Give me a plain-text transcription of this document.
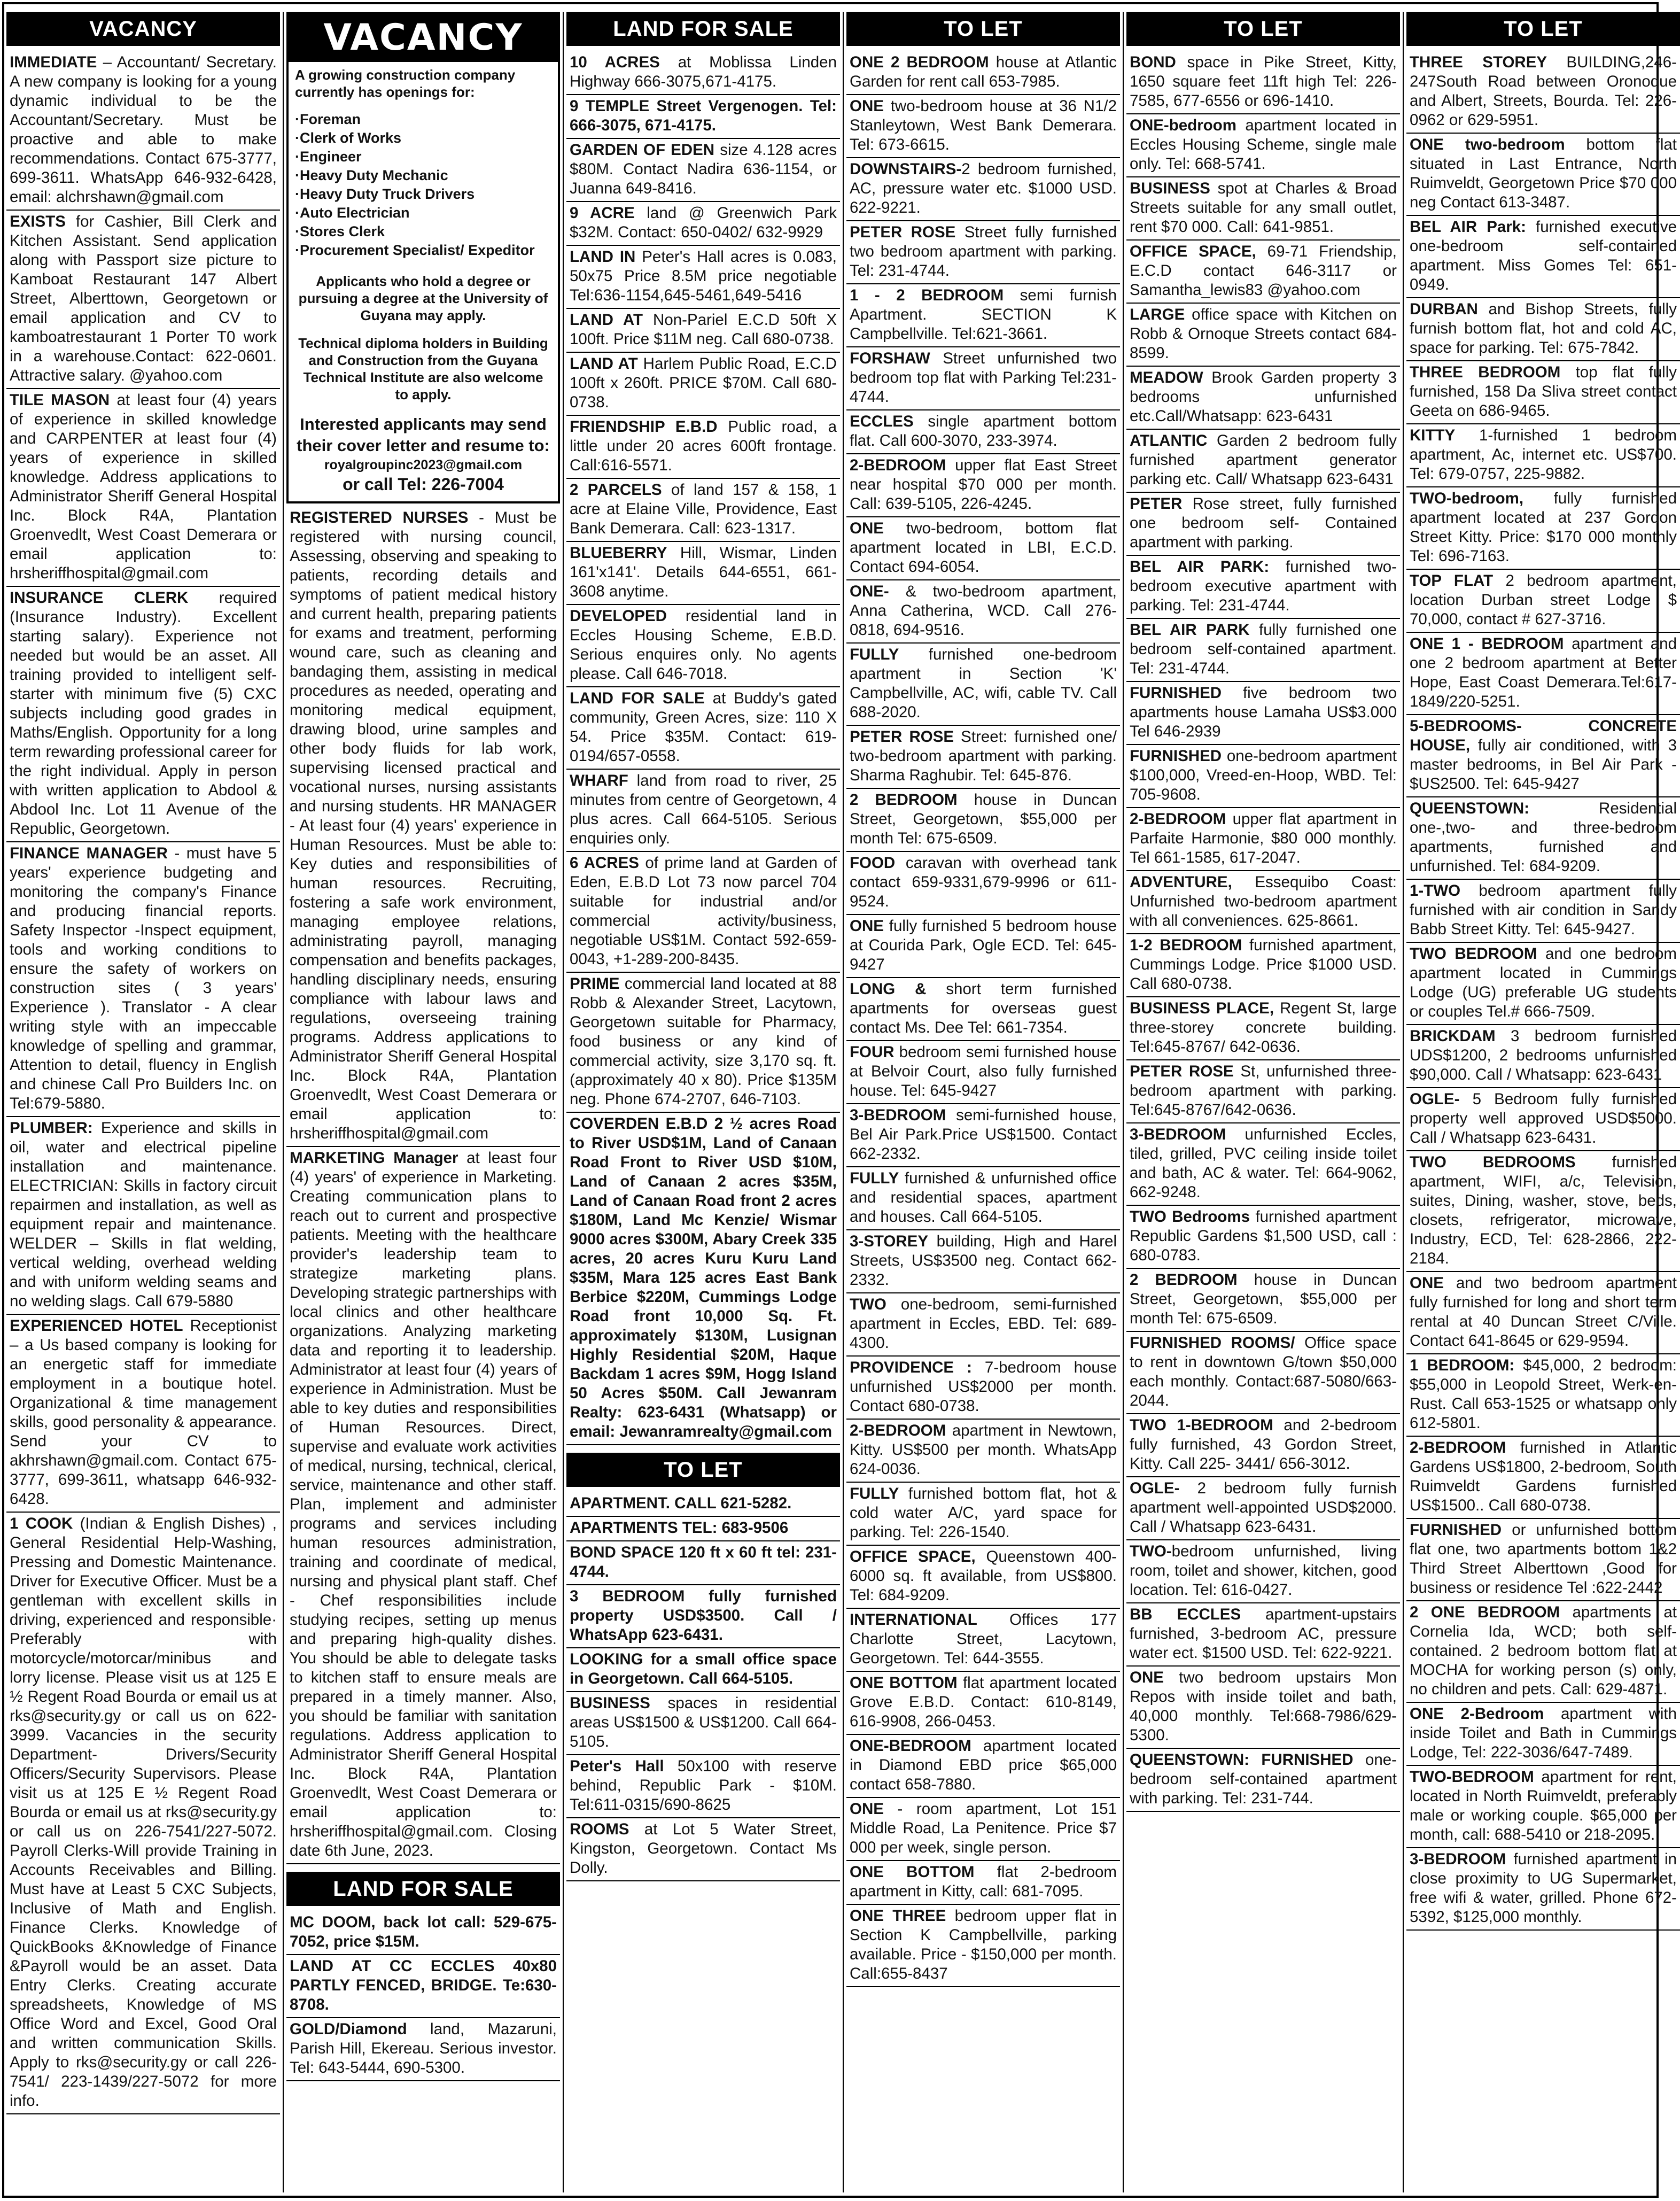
VACANCY
IMMEDIATE – Accountant/ Secretary. A new company is looking for a young dynamic individual to be the Accountant/Secretary. Must be proactive and able to make recommendations. Contact 675-3777, 699-3611. WhatsApp 646-932-6428, email: alchrshawn@gmail.com
EXISTS for Cashier, Bill Clerk and Kitchen Assistant. Send application along with Passport size picture to Kamboat Restaurant 147 Albert Street, Alberttown, Georgetown or email application and CV to kamboatrestaurant 1 Porter T0 work in a warehouse.Contact: 622-0601. Attractive salary. @yahoo.com
TILE MASON at least four (4) years of experience in skilled knowledge and CARPENTER at least four (4) years of experience in skilled knowledge. Address applications to Administrator Sheriff General Hospital Inc. Block R4A, Plantation Groenvedlt, West Coast Demerara or email application to: hrsheriffhospital@gmail.com
INSURANCE CLERK required (Insurance Industry). Excellent starting salary). Experience not needed but would be an asset. All training provided to intelligent self-starter with minimum five (5) CXC subjects including good grades in Maths/English. Opportunity for a long term rewarding professional career for the right individual. Apply in person with written application to Abdool & Abdool Inc. Lot 11 Avenue of the Republic, Georgetown.
FINANCE MANAGER - must have 5 years' experience budgeting and monitoring the company's Finance and producing financial reports. Safety Inspector -Inspect equipment, tools and working conditions to ensure the safety of workers on construction sites ( 3 years' Experience ). Translator - A clear writing style with an impeccable knowledge of spelling and grammar, Attention to detail, fluency in English and chinese Call Pro Builders Inc. on Tel:679-5880.
PLUMBER: Experience and skills in oil, water and electrical pipeline installation and maintenance. ELECTRICIAN: Skills in factory circuit repairmen and installation, as well as equipment repair and maintenance. WELDER – Skills in flat welding, vertical welding, overhead welding and with uniform welding seams and no welding slags. Call 679-5880
EXPERIENCED HOTEL Receptionist – a Us based company is looking for an energetic staff for immediate employment in a boutique hotel. Organizational & time management skills, good personality & appearance. Send your CV to akhrshawn@gmail.com. Contact 675-3777, 699-3611, whatsapp 646-932-6428.
1 COOK (Indian & English Dishes) , General Residential Help-Washing, Pressing and Domestic Maintenance. Driver for Executive Officer. Must be a gentleman with excellent skills in driving, experienced and responsible· Preferably with motorcycle/motorcar/minibus and lorry license. Please visit us at 125 E ½ Regent Road Bourda or email us at rks@security.gy or call us on 622-3999. Vacancies in the security Department- Drivers/Security Officers/Security Supervisors. Please visit us at 125 E ½ Regent Road Bourda or email us at rks@security.gy or call us on 226-7541/227-5072. Payroll Clerks-Will provide Training in Accounts Receivables and Billing. Must have at Least 5 CXC Subjects, Inclusive of Math and English. Finance Clerks. Knowledge of QuickBooks &Knowledge of Finance &Payroll would be an asset. Data Entry Clerks. Creating accurate spreadsheets, Knowledge of MS Office Word and Excel, Good Oral and written communication Skills. Apply to rks@security.gy or call 226-7541/ 223-1439/227-5072 for more info.
VACANCY
A growing construction company currently has openings for:
·Foreman
·Clerk of Works
·Engineer
·Heavy Duty Mechanic
·Heavy Duty Truck Drivers
·Auto Electrician
·Stores Clerk
·Procurement Specialist/ Expeditor
Applicants who hold a degree or pursuing a degree at the University of Guyana may apply.
Technical diploma holders in Building and Construction from the Guyana Technical Institute are also welcome to apply.
Interested applicants may send their cover letter and resume to:
royalgroupinc2023@gmail.com
or call Tel: 226-7004
REGISTERED NURSES - Must be registered with nursing council, Assessing, observing and speaking to patients, recording details and symptoms of patient medical history and current health, preparing patients for exams and treatment, performing wound care, such as cleaning and bandaging them, assisting in medical procedures as needed, operating and monitoring medical equipment, drawing blood, urine samples and other body fluids for lab work, supervising licensed practical and vocational nurses, nursing assistants and nursing students. HR MANAGER - At least four (4) years' experience in Human Resources. Must be able to: Key duties and responsibilities of human resources. Recruiting, fostering a safe work environment, managing employee relations, administrating payroll, managing compensation and benefits packages, handling disciplinary needs, ensuring compliance with labour laws and regulations, overseeing training programs. Address applications to Administrator Sheriff General Hospital Inc. Block R4A, Plantation Groenvedlt, West Coast Demerara or email application to: hrsheriffhospital@gmail.com
MARKETING Manager at least four (4) years' of experience in Marketing. Creating communication plans to reach out to current and prospective patients. Meeting with the healthcare provider's leadership team to strategize marketing plans. Developing strategic partnerships with local clinics and other healthcare organizations. Analyzing marketing data and reporting it to leadership. Administrator at least four (4) years of experience in Administration. Must be able to key duties and responsibilities of Human Resources. Direct, supervise and evaluate work activities of medical, nursing, technical, clerical, service, maintenance and other staff. Plan, implement and administer programs and services including human resources administration, training and coordinate of medical, nursing and physical plant staff. Chef - Chef responsibilities include studying recipes, setting up menus and preparing high-quality dishes. You should be able to delegate tasks to kitchen staff to ensure meals are prepared in a timely manner. Also, you should be familiar with sanitation regulations. Address application to Administrator Sheriff General Hospital Inc. Block R4A, Plantation Groenvedlt, West Coast Demerara or email application to: hrsheriffhospital@gmail.com. Closing date 6th June, 2023.
LAND FOR SALE
MC DOOM, back lot call: 529-675-7052, price $15M.
LAND AT CC ECCLES 40x80 PARTLY FENCED, BRIDGE. Te:630-8708.
GOLD/Diamond land, Mazaruni, Parish Hill, Ekereau. Serious investor. Tel: 643-5444, 690-5300.
LAND FOR SALE
10 ACRES at Moblissa Linden Highway 666-3075,671-4175.
9 TEMPLE Street Vergenogen. Tel: 666-3075, 671-4175.
GARDEN OF EDEN size 4.128 acres $80M. Contact Nadira 636-1154, or Juanna 649-8416.
9 ACRE land @ Greenwich Park $32M. Contact: 650-0402/ 632-9929
LAND IN Peter's Hall acres is 0.083, 50x75 Price 8.5M price negotiable Tel:636-1154,645-5461,649-5416
LAND AT Non-Pariel E.C.D 50ft X 100ft. Price $11M neg. Call 680-0738.
LAND AT Harlem Public Road, E.C.D 100ft x 260ft. PRICE $70M. Call 680-0738.
FRIENDSHIP E.B.D Public road, a little under 20 acres 600ft frontage. Call:616-5571.
2 PARCELS of land 157 & 158, 1 acre at Elaine Ville, Providence, East Bank Demerara. Call: 623-1317.
BLUEBERRY Hill, Wismar, Linden 161'x141'. Details 644-6551, 661-3608 anytime.
DEVELOPED residential land in Eccles Housing Scheme, E.B.D. Serious enquires only. No agents please. Call 646-7018.
LAND FOR SALE at Buddy's gated community, Green Acres, size: 110 X 54. Price $35M. Contact: 619-0194/657-0558.
WHARF land from road to river, 25 minutes from centre of Georgetown, 4 plus acres. Call 664-5105. Serious enquiries only.
6 ACRES of prime land at Garden of Eden, E.B.D Lot 73 now parcel 704 suitable for industrial and/or commercial activity/business, negotiable US$1M. Contact 592-659-0043, +1-289-200-8435.
PRIME commercial land located at 88 Robb & Alexander Street, Lacytown, Georgetown suitable for Pharmacy, food business or any kind of commercial activity, size 3,170 sq. ft. (approximately 40 x 80). Price $135M neg. Phone 674-2707, 646-7103.
COVERDEN E.B.D 2 ½ acres Road to River USD$1M, Land of Canaan Road Front to River USD $10M, Land of Canaan 2 acres $35M, Land of Canaan Road front 2 acres $180M, Land Mc Kenzie/ Wismar 9000 acres $300M, Abary Creek 335 acres, 20 acres Kuru Kuru Land $35M, Mara 125 acres East Bank Berbice $220M, Cummings Lodge Road front 10,000 Sq. Ft. approximately $130M, Lusignan Highly Residential $20M, Haque Backdam 1 acres $9M, Hogg Island 50 Acres $50M. Call Jewanram Realty: 623-6431 (Whatsapp) or email: Jewanramrealty@gmail.com
TO LET
APARTMENT. CALL 621-5282.
APARTMENTS TEL: 683-9506
BOND SPACE 120 ft x 60 ft tel: 231-4744.
3 BEDROOM fully furnished property USD$3500. Call / WhatsApp 623-6431.
LOOKING for a small office space in Georgetown. Call 664-5105.
BUSINESS spaces in residential areas US$1500 & US$1200. Call 664-5105.
Peter's Hall 50x100 with reserve behind, Republic Park - $10M. Tel:611-0315/690-8625
ROOMS at Lot 5 Water Street, Kingston, Georgetown. Contact Ms Dolly.
TO LET
ONE 2 BEDROOM house at Atlantic Garden for rent call 653-7985.
ONE two-bedroom house at 36 N1/2 Stanleytown, West Bank Demerara. Tel: 673-6615.
DOWNSTAIRS-2 bedroom furnished, AC, pressure water etc. $1000 USD. 622-9221.
PETER ROSE Street fully furnished two bedroom apartment with parking. Tel: 231-4744.
1 - 2 BEDROOM semi furnish Apartment. SECTION K Campbellville. Tel:621-3661.
FORSHAW Street unfurnished two bedroom top flat with Parking Tel:231-4744.
ECCLES single apartment bottom flat. Call 600-3070, 233-3974.
2-BEDROOM upper flat East Street near hospital $70 000 per month. Call: 639-5105, 226-4245.
ONE two-bedroom, bottom flat apartment located in LBI, E.C.D. Contact 694-6054.
ONE- & two-bedroom apartment, Anna Catherina, WCD. Call 276-0818, 694-9516.
FULLY furnished one-bedroom apartment in Section 'K' Campbellville, AC, wifi, cable TV. Call 688-2020.
PETER ROSE Street: furnished one/ two-bedroom apartment with parking. Sharma Raghubir. Tel: 645-876.
2 BEDROOM house in Duncan Street, Georgetown, $55,000 per month Tel: 675-6509.
FOOD caravan with overhead tank contact 659-9331,679-9996 or 611-9524.
ONE fully furnished 5 bedroom house at Courida Park, Ogle ECD. Tel: 645-9427
LONG & short term furnished apartments for overseas guest contact Ms. Dee Tel: 661-7354.
FOUR bedroom semi furnished house at Belvoir Court, also fully furnished house. Tel: 645-9427
3-BEDROOM semi-furnished house, Bel Air Park.Price US$1500. Contact 662-2332.
FULLY furnished & unfurnished office and residential spaces, apartment and houses. Call 664-5105.
3-STOREY building, High and Harel Streets, US$3500 neg. Contact 662-2332.
TWO one-bedroom, semi-furnished apartment in Eccles, EBD. Tel: 689-4300.
PROVIDENCE : 7-bedroom house unfurnished US$2000 per month. Contact 680-0738.
2-BEDROOM apartment in Newtown, Kitty. US$500 per month. WhatsApp 624-0036.
FULLY furnished bottom flat, hot & cold water A/C, yard space for parking. Tel: 226-1540.
OFFICE SPACE, Queenstown 400-6000 sq. ft available, from US$800. Tel: 684-9209.
INTERNATIONAL Offices 177 Charlotte Street, Lacytown, Georgetown. Tel: 644-3555.
ONE BOTTOM flat apartment located Grove E.B.D. Contact: 610-8149, 616-9908, 266-0453.
ONE-BEDROOM apartment located in Diamond EBD price $65,000 contact 658-7880.
ONE - room apartment, Lot 151 Middle Road, La Penitence. Price $7 000 per week, single person.
ONE BOTTOM flat 2-bedroom apartment in Kitty, call: 681-7095.
ONE THREE bedroom upper flat in Section K Campbellville, parking available. Price - $150,000 per month. Call:655-8437
TO LET
BOND space in Pike Street, Kitty, 1650 square feet 11ft high Tel: 226-7585, 677-6556 or 696-1410.
ONE-bedroom apartment located in Eccles Housing Scheme, single male only. Tel: 668-5741.
BUSINESS spot at Charles & Broad Streets suitable for any small outlet, rent $70 000. Call: 641-9851.
OFFICE SPACE, 69-71 Friendship, E.C.D contact 646-3117 or Samantha_lewis83 @yahoo.com
LARGE office space with Kitchen on Robb & Ornoque Streets contact 684-8599.
MEADOW Brook Garden property 3 bedrooms unfurnished etc.Call/Whatsapp: 623-6431
ATLANTIC Garden 2 bedroom fully furnished apartment generator parking etc. Call/ Whatsapp 623-6431
PETER Rose street, fully furnished one bedroom self- Contained apartment with parking.
BEL AIR PARK: furnished two-bedroom executive apartment with parking. Tel: 231-4744.
BEL AIR PARK fully furnished one bedroom self-contained apartment. Tel: 231-4744.
FURNISHED five bedroom two apartments house Lamaha US$3.000 Tel 646-2939
FURNISHED one-bedroom apartment $100,000, Vreed-en-Hoop, WBD. Tel: 705-9608.
2-BEDROOM upper flat apartment in Parfaite Harmonie, $80 000 monthly. Tel 661-1585, 617-2047.
ADVENTURE, Essequibo Coast: Unfurnished two-bedroom apartment with all conveniences. 625-8661.
1-2 BEDROOM furnished apartment, Cummings Lodge. Price $1000 USD. Call 680-0738.
BUSINESS PLACE, Regent St, large three-storey concrete building. Tel:645-8767/ 642-0636.
PETER ROSE St, unfurnished three-bedroom apartment with parking. Tel:645-8767/642-0636.
3-BEDROOM unfurnished Eccles, tiled, grilled, PVC ceiling inside toilet and bath, AC & water. Tel: 664-9062, 662-9248.
TWO Bedrooms furnished apartment Republic Gardens $1,500 USD, call : 680-0783.
2 BEDROOM house in Duncan Street, Georgetown, $55,000 per month Tel: 675-6509.
FURNISHED ROOMS/ Office space to rent in downtown G/town $50,000 each monthly. Contact:687-5080/663-2044.
TWO 1-BEDROOM and 2-bedroom fully furnished, 43 Gordon Street, Kitty. Call 225- 3441/ 656-3012.
OGLE- 2 bedroom fully furnish apartment well-appointed USD$2000. Call / Whatsapp 623-6431.
TWO-bedroom unfurnished, living room, toilet and shower, kitchen, good location. Tel: 616-0427.
BB ECCLES apartment-upstairs furnished, 3-bedroom AC, pressure water ect. $1500 USD. Tel: 622-9221.
ONE two bedroom upstairs Mon Repos with inside toilet and bath, 40,000 monthly. Tel:668-7986/629-5300.
QUEENSTOWN: FURNISHED one-bedroom self-contained apartment with parking. Tel: 231-744.
TO LET
THREE STOREY BUILDING,246-247South Road between Oronoque and Albert, Streets, Bourda. Tel: 226-0962 or 629-5951.
ONE two-bedroom bottom flat situated in Last Entrance, North Ruimveldt, Georgetown Price $70 000 neg Contact 613-3487.
BEL AIR Park: furnished executive one-bedroom self-contained apartment. Miss Gomes Tel: 651-0949.
DURBAN and Bishop Streets, fully furnish bottom flat, hot and cold AC, space for parking. Tel: 675-7842.
THREE BEDROOM top flat fully furnished, 158 Da Sliva street contact Geeta on 686-9465.
KITTY 1-furnished 1 bedroom apartment, Ac, internet etc. US$700. Tel: 679-0757, 225-9882.
TWO-bedroom, fully furnished apartment located at 237 Gordon Street Kitty. Price: $170 000 monthly Tel: 696-7163.
TOP FLAT 2 bedroom apartment, location Durban street Lodge $ 70,000, contact # 627-3716.
ONE 1 - BEDROOM apartment and one 2 bedroom apartment at Better Hope, East Coast Demerara.Tel:617-1849/220-5251.
5-BEDROOMS- CONCRETE HOUSE, fully air conditioned, with 3 master bedrooms, in Bel Air Park - $US2500. Tel: 645-9427
QUEENSTOWN: Residential one-,two- and three-bedroom apartments, furnished and unfurnished. Tel: 684-9209.
1-TWO bedroom apartment fully furnished with air condition in Sandy Babb Street Kitty. Tel: 645-9427.
TWO BEDROOM and one bedroom apartment located in Cummings Lodge (UG) preferable UG students or couples Tel.# 666-7509.
BRICKDAM 3 bedroom furnished UDS$1200, 2 bedrooms unfurnished $90,000. Call / Whatsapp: 623-6431
OGLE- 5 Bedroom fully furnished property well approved USD$5000. Call / Whatsapp 623-6431.
TWO BEDROOMS furnished apartment, WIFI, a/c, Television, suites, Dining, washer, stove, beds, closets, refrigerator, microwave, Industry, ECD, Tel: 628-2866, 222-2184.
ONE and two bedroom apartment fully furnished for long and short term rental at 40 Duncan Street C/Ville. Contact 641-8645 or 629-9594.
1 BEDROOM: $45,000, 2 bedroom: $55,000 in Leopold Street, Werk-en-Rust. Call 653-1525 or whatsapp only 612-5801.
2-BEDROOM furnished in Atlantic Gardens US$1800, 2-bedroom, South Ruimveldt Gardens furnished US$1500.. Call 680-0738.
FURNISHED or unfurnished bottom flat one, two apartments bottom 1&2 Third Street Alberttown ,Good for business or residence Tel :622-2442
2 ONE BEDROOM apartments at Cornelia Ida, WCD; both self-contained. 2 bedroom bottom flat at MOCHA for working person (s) only, no children and pets. Call: 629-4871.
ONE 2-Bedroom apartment with inside Toilet and Bath in Cummings Lodge, Tel: 222-3036/647-7489.
TWO-BEDROOM apartment for rent, located in North Ruimveldt, preferably male or working couple. $65,000 per month, call: 688-5410 or 218-2095.
3-BEDROOM furnished apartment in close proximity to UG Supermarket, free wifi & water, grilled. Phone 672-5392, $125,000 monthly.
